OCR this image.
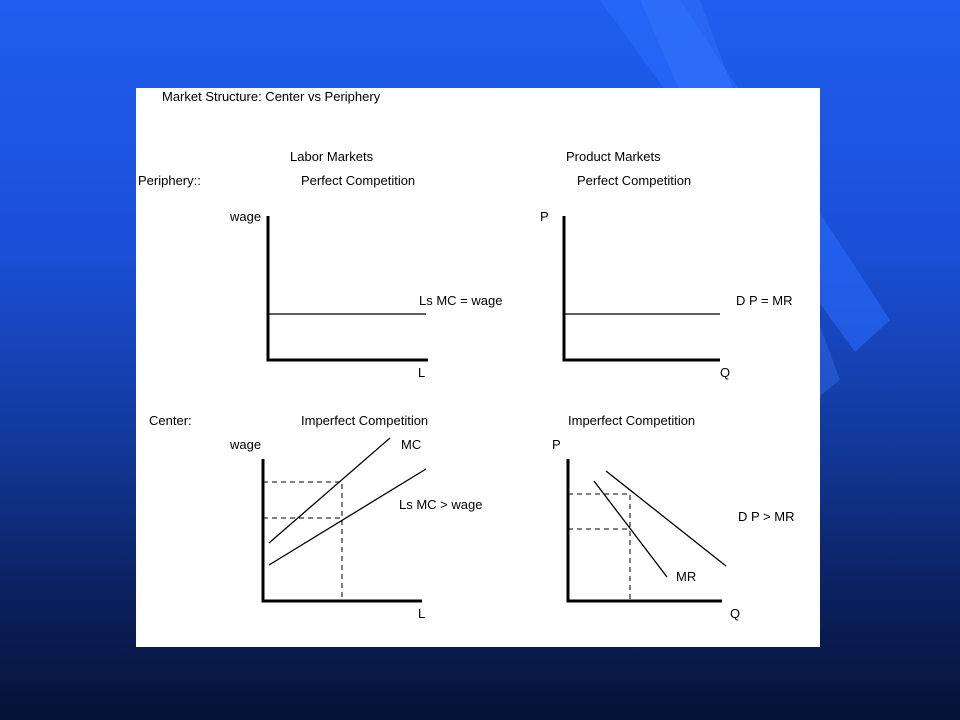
Market Structure: Center vs Periphery
Labor Markets	Product Markets
Periphery::	Perfect Competition	Perfect Competition
wage
Ls MC = wage
L
P
D P = MR
Q
Center:	Imperfect Competition	Imperfect Competition
wage	MC
Ls MC > wage
L
P
D P > MR
MR
Q
